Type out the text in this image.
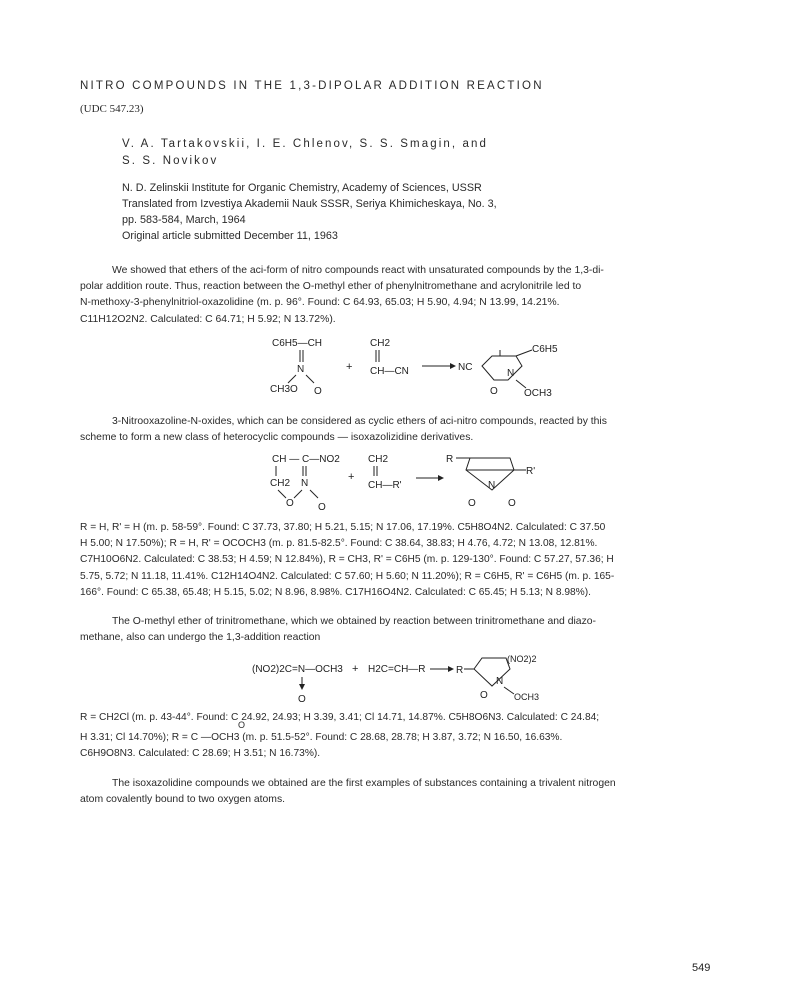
NITRO COMPOUNDS IN THE 1,3-DIPOLAR ADDITION REACTION
(UDC 547.23)
V. A. Tartakovskii, I. E. Chlenov, S. S. Smagin, and
S. S. Novikov
N. D. Zelinskii Institute for Organic Chemistry, Academy of Sciences, USSR
Translated from Izvestiya Akademii Nauk SSSR, Seriya Khimicheskaya, No. 3,
pp. 583-584, March, 1964
Original article submitted December 11, 1963
We showed that ethers of the aci-form of nitro compounds react with unsaturated compounds by the 1,3-di-
polar addition route. Thus, reaction between the O-methyl ether of phenylnitromethane and acrylonitrile led to
N-methoxy-3-phenylnitriol-oxazolidine (m. p. 96°. Found: C 64.93, 65.03; H 5.90, 4.94; N 13.99, 14.21%.
C11H12O2N2. Calculated: C 64.71; H 5.92; N 13.72%).
C6H5—CH
N
CH3O O
+
CH2
CH—CN	NC
C6H5
N
O	OCH3
3-Nitrooxazoline-N-oxides, which can be considered as cyclic ethers of aci-nitro compounds, reacted by this
scheme to form a new class of heterocyclic compounds — isoxazolizidine derivatives.
CH — C—NO2
CH2 N
O O
+
CH2
CH—R'
R
R'
N
O	O
R = H, R' = H (m. p. 58-59°. Found: C 37.73, 37.80; H 5.21, 5.15; N 17.06, 17.19%. C5H8O4N2. Calculated: C 37.50
H 5.00; N 17.50%); R = H, R' = OCOCH3 (m. p. 81.5-82.5°. Found: C 38.64, 38.83; H 4.76, 4.72; N 13.08, 12.81%.
C7H10O6N2. Calculated: C 38.53; H 4.59; N 12.84%), R = CH3, R' = C6H5 (m. p. 129-130°. Found: C 57.27, 57.36; H
5.75, 5.72; N 11.18, 11.41%. C12H14O4N2. Calculated: C 57.60; H 5.60; N 11.20%); R = C6H5, R' = C6H5 (m. p. 165-
166°. Found: C 65.38, 65.48; H 5.15, 5.02; N 8.96, 8.98%. C17H16O4N2. Calculated: C 65.45; H 5.13; N 8.98%).
The O-methyl ether of trinitromethane, which we obtained by reaction between trinitromethane and diazo-
methane, also can undergo the 1,3-addition reaction
(NO2)2C=N—OCH3
O
+ H2C=CH—R	R
(NO2)2
N
O	OCH3
R = CH2Cl (m. p. 43-44°. Found: C 24.92, 24.93; H 3.39, 3.41; Cl 14.71, 14.87%. C5H8O6N3. Calculated: C 24.84;
O
H 3.31; Cl 14.70%); R = C —OCH3 (m. p. 51.5-52°. Found: C 28.68, 28.78; H 3.87, 3.72; N 16.50, 16.63%.
C6H9O8N3. Calculated: C 28.69; H 3.51; N 16.73%).
The isoxazolidine compounds we obtained are the first examples of substances containing a trivalent nitrogen
atom covalently bound to two oxygen atoms.
549
